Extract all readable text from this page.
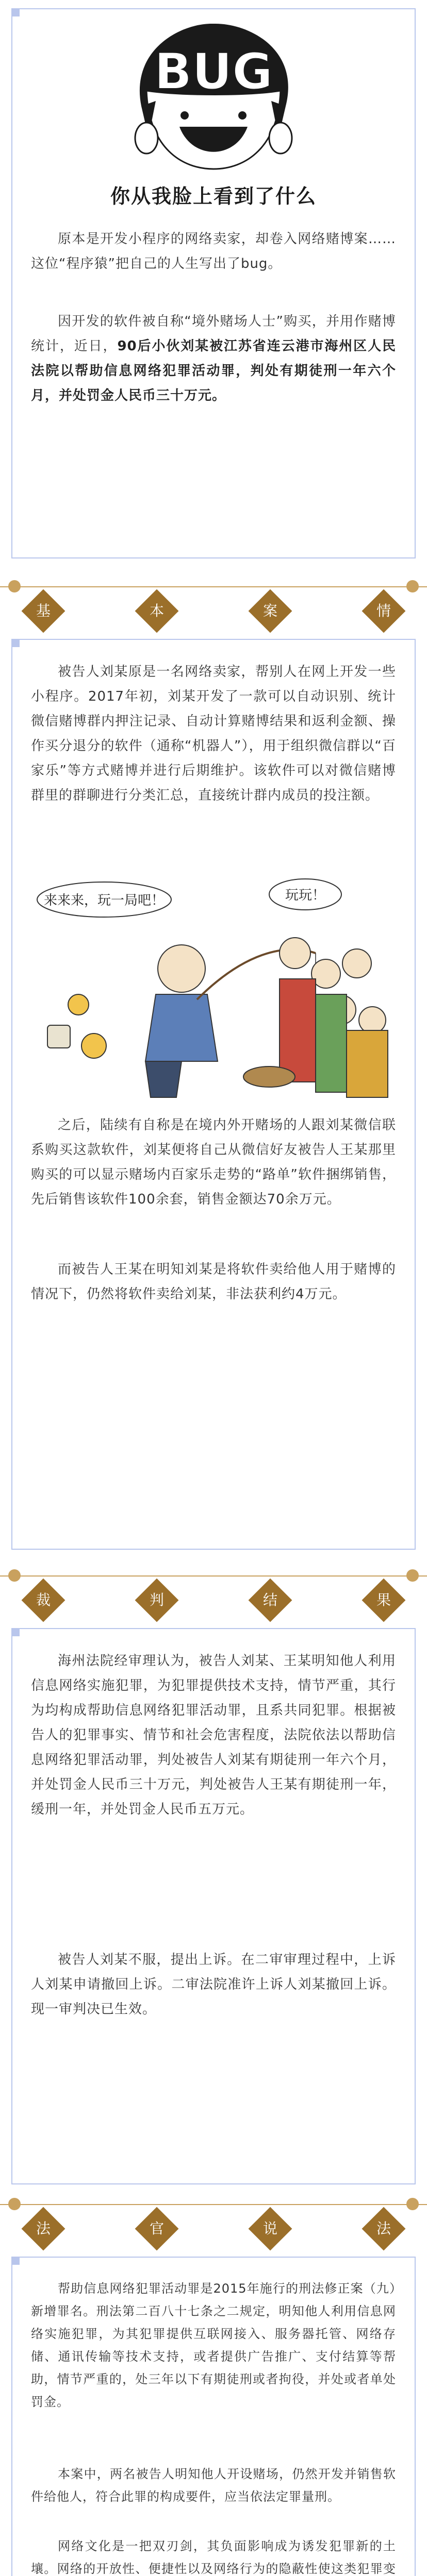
BUG
你从我脸上看到了什么

原本是开发小程序的网络卖家，却卷入网络赌博案……这位“程序猿”把自己的人生写出了bug。

因开发的软件被自称“境外赌场人士”购买，并用作赌博统计，近日，90后小伙刘某被江苏省连云港市海州区人民法院以帮助信息网络犯罪活动罪，判处有期徒刑一年六个月，并处罚金人民币三十万元。

基	本	案	情

被告人刘某原是一名网络卖家，帮别人在网上开发一些小程序。2017年初，刘某开发了一款可以自动识别、统计微信赌博群内押注记录、自动计算赌博结果和返利金额、操作买分退分的软件（通称“机器人”），用于组织微信群以“百家乐”等方式赌博并进行后期维护。该软件可以对微信赌博群里的群聊进行分类汇总，直接统计群内成员的投注额。

来来来，玩一局吧！	玩玩！

之后，陆续有自称是在境内外开赌场的人跟刘某微信联系购买这款软件，刘某便将自己从微信好友被告人王某那里购买的可以显示赌场内百家乐走势的“路单”软件捆绑销售，先后销售该软件100余套，销售金额达70余万元。

而被告人王某在明知刘某是将软件卖给他人用于赌博的情况下，仍然将软件卖给刘某，非法获利约4万元。

裁	判	结	果

海州法院经审理认为，被告人刘某、王某明知他人利用信息网络实施犯罪，为犯罪提供技术支持，情节严重，其行为均构成帮助信息网络犯罪活动罪，且系共同犯罪。根据被告人的犯罪事实、情节和社会危害程度，法院依法以帮助信息网络犯罪活动罪，判处被告人刘某有期徒刑一年六个月，并处罚金人民币三十万元，判处被告人王某有期徒刑一年，缓刑一年，并处罚金人民币五万元。

被告人刘某不服，提出上诉。在二审审理过程中，上诉人刘某申请撤回上诉。二审法院准许上诉人刘某撤回上诉。现一审判决已生效。

法	官	说	法

帮助信息网络犯罪活动罪是2015年施行的刑法修正案（九）新增罪名。刑法第二百八十七条之二规定，明知他人利用信息网络实施犯罪，为其犯罪提供互联网接入、服务器托管、网络存储、通讯传输等技术支持，或者提供广告推广、支付结算等帮助，情节严重的，处三年以下有期徒刑或者拘役，并处或者单处罚金。

本案中，两名被告人明知他人开设赌场，仍然开发并销售软件给他人，符合此罪的构成要件，应当依法定罪量刑。

网络文化是一把双刃剑，其负面影响成为诱发犯罪新的土壤。网络的开放性、便捷性以及网络行为的隐蔽性使这类犯罪变
